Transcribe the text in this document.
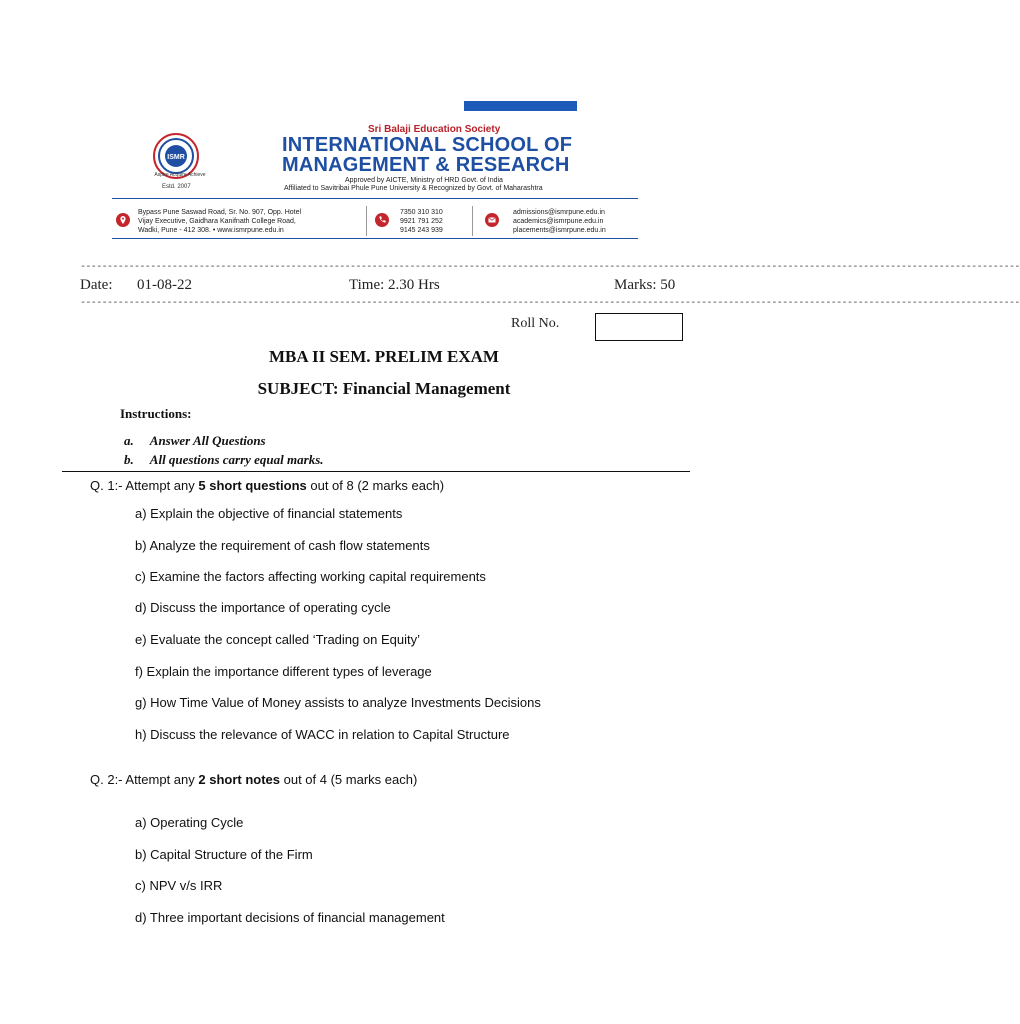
ISMR
Aspire Acquire Achieve
Estd. 2007
Sri Balaji Education Society
INTERNATIONAL SCHOOL OF
MANAGEMENT & RESEARCH
Approved by AICTE, Ministry of HRD Govt. of India
Affiliated to Savitribai Phule Pune University & Recognized by Govt. of Maharashtra
Bypass Pune Saswad Road, Sr. No. 907, Opp. Hotel
Vijay Executive, Gaidhara Kanifnath College Road,
Wadki, Pune - 412 308. • www.ismrpune.edu.in
7350 310 310
9921 791 252
9145 243 939
admissions@ismrpune.edu.in
academics@ismrpune.edu.in
placements@ismrpune.edu.in
------------------------------------------------------------------------------------------------------------------------------------------------------------------------------
Date: 01-08-22	Time: 2.30 Hrs	Marks: 50
------------------------------------------------------------------------------------------------------------------------------------------------------------------------------
Roll No.
MBA II SEM. PRELIM EXAM
SUBJECT: Financial Management
Instructions:
a. Answer All Questions
b. All questions carry equal marks.
Q. 1:- Attempt any 5 short questions out of 8 (2 marks each)
a) Explain the objective of financial statements
b) Analyze the requirement of cash flow statements
c) Examine the factors affecting working capital requirements
d) Discuss the importance of operating cycle
e) Evaluate the concept called ‘Trading on Equity’
f) Explain the importance different types of leverage
g) How Time Value of Money assists to analyze Investments Decisions
h) Discuss the relevance of WACC in relation to Capital Structure
Q. 2:- Attempt any 2 short notes out of 4 (5 marks each)
a) Operating Cycle
b) Capital Structure of the Firm
c) NPV v/s IRR
d) Three important decisions of financial management
